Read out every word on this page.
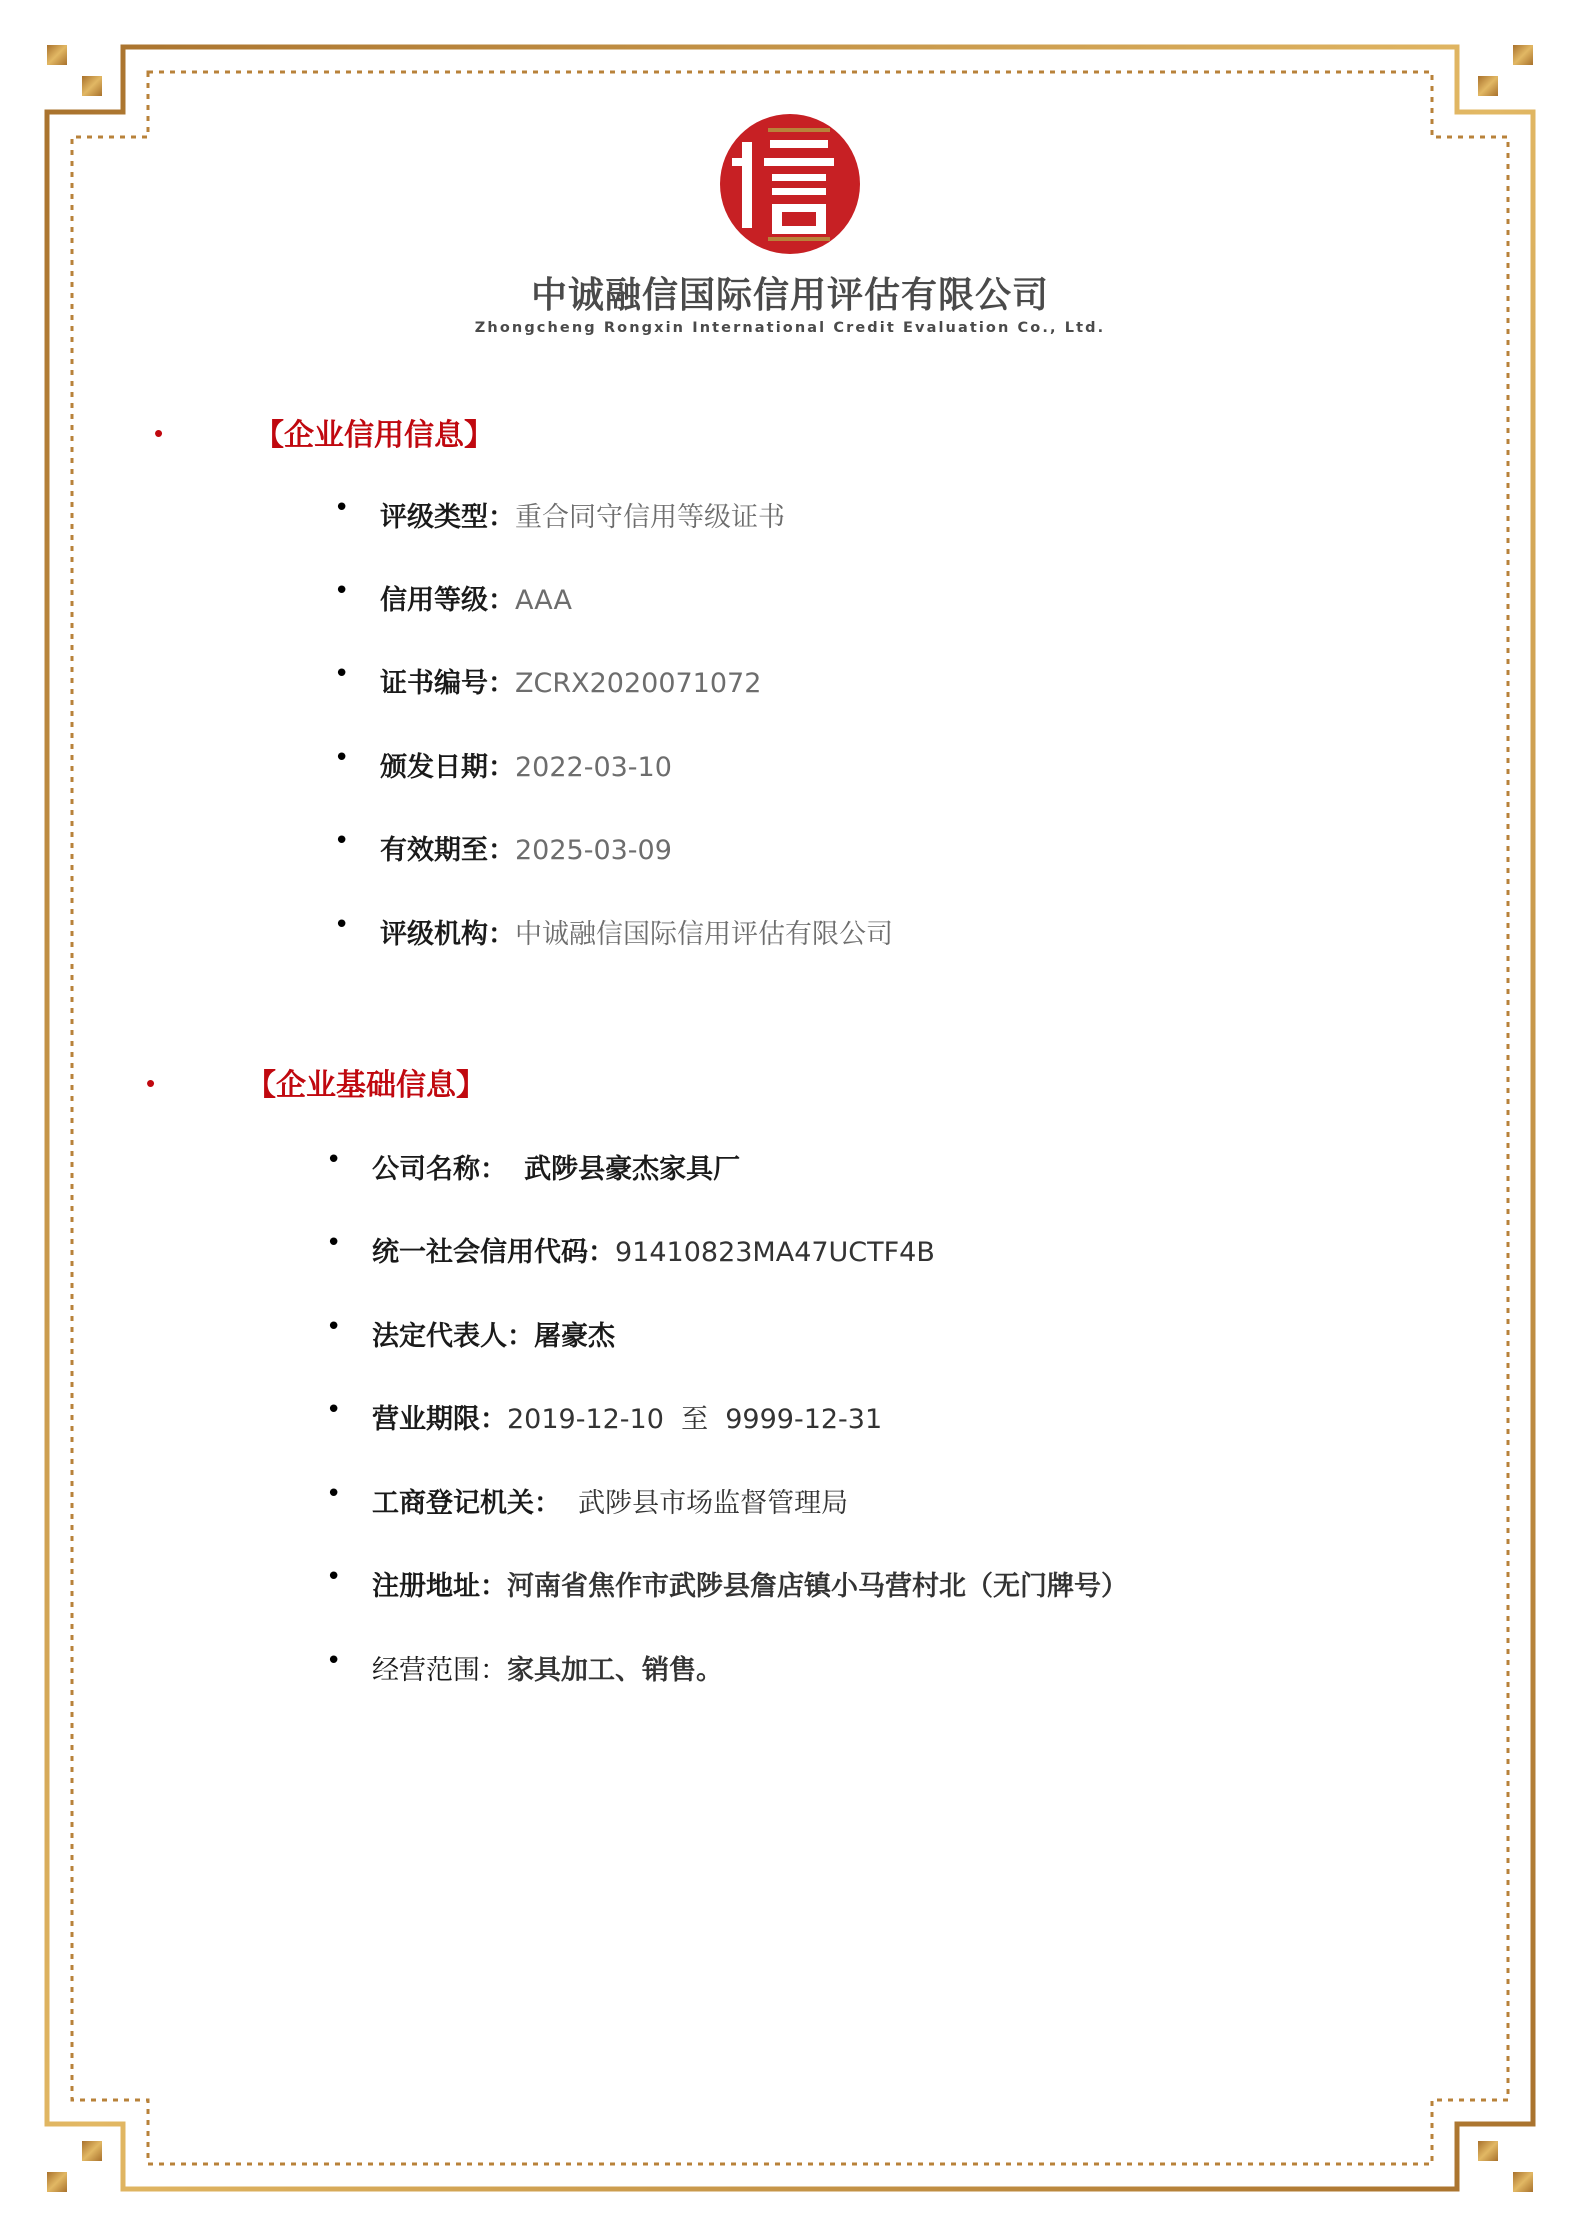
中诚融信国际信用评估有限公司
Zhongcheng Rongxin International Credit Evaluation Co., Ltd.
•	【企业信用信息】
• 评级类型：重合同守信用等级证书
• 信用等级：AAA
• 证书编号：ZCRX2020071072
• 颁发日期：2022-03-10
• 有效期至：2025-03-09
• 评级机构：中诚融信国际信用评估有限公司
•	【企业基础信息】
• 公司名称： 武陟县豪杰家具厂
• 统一社会信用代码：91410823MA47UCTF4B
• 法定代表人：屠豪杰
• 营业期限：2019-12-10  至  9999-12-31
• 工商登记机关： 武陟县市场监督管理局
• 注册地址：河南省焦作市武陟县詹店镇小马营村北（无门牌号）
• 经营范围：家具加工、销售。
